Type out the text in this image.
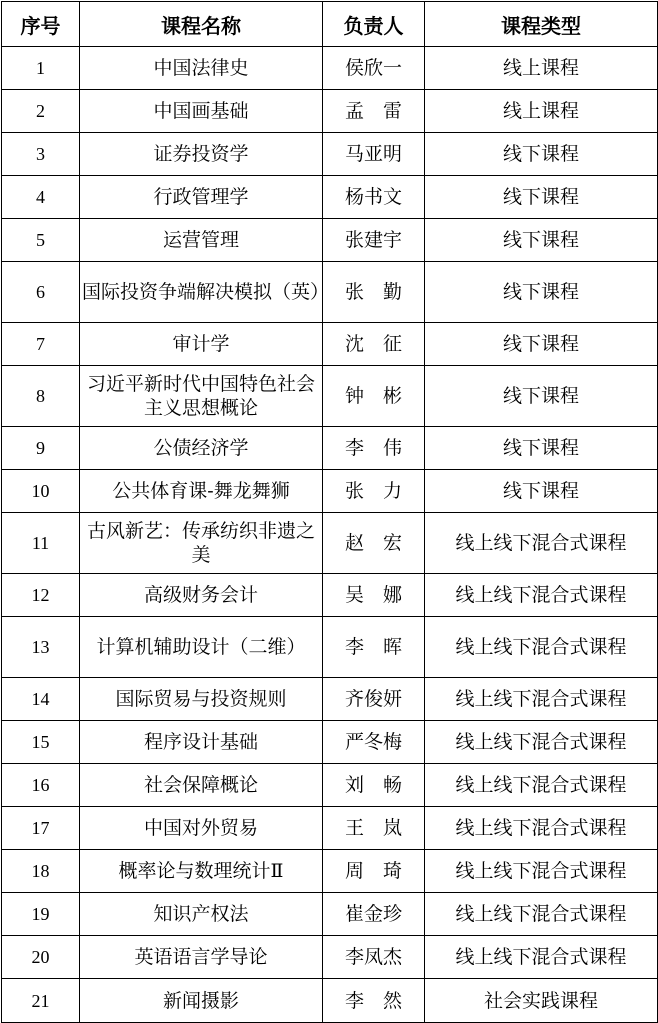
序号	课程名称	负责人	课程类型
1	中国法律史	侯欣一	线上课程
2	中国画基础	孟　雷	线上课程
3	证券投资学	马亚明	线下课程
4	行政管理学	杨书文	线下课程
5	运营管理	张建宇	线下课程
6	国际投资争端解决模拟（英）	张　勤	线下课程
7	审计学	沈　征	线下课程
8	习近平新时代中国特色社会主义思想概论	钟　彬	线下课程
9	公债经济学	李　伟	线下课程
10	公共体育课-舞龙舞狮	张　力	线下课程
11	古风新艺：传承纺织非遗之美	赵　宏	线上线下混合式课程
12	高级财务会计	吴　娜	线上线下混合式课程
13	计算机辅助设计（二维）	李　晖	线上线下混合式课程
14	国际贸易与投资规则	齐俊妍	线上线下混合式课程
15	程序设计基础	严冬梅	线上线下混合式课程
16	社会保障概论	刘　畅	线上线下混合式课程
17	中国对外贸易	王　岚	线上线下混合式课程
18	概率论与数理统计Ⅱ	周　琦	线上线下混合式课程
19	知识产权法	崔金珍	线上线下混合式课程
20	英语语言学导论	李凤杰	线上线下混合式课程
21	新闻摄影	李　然	社会实践课程
